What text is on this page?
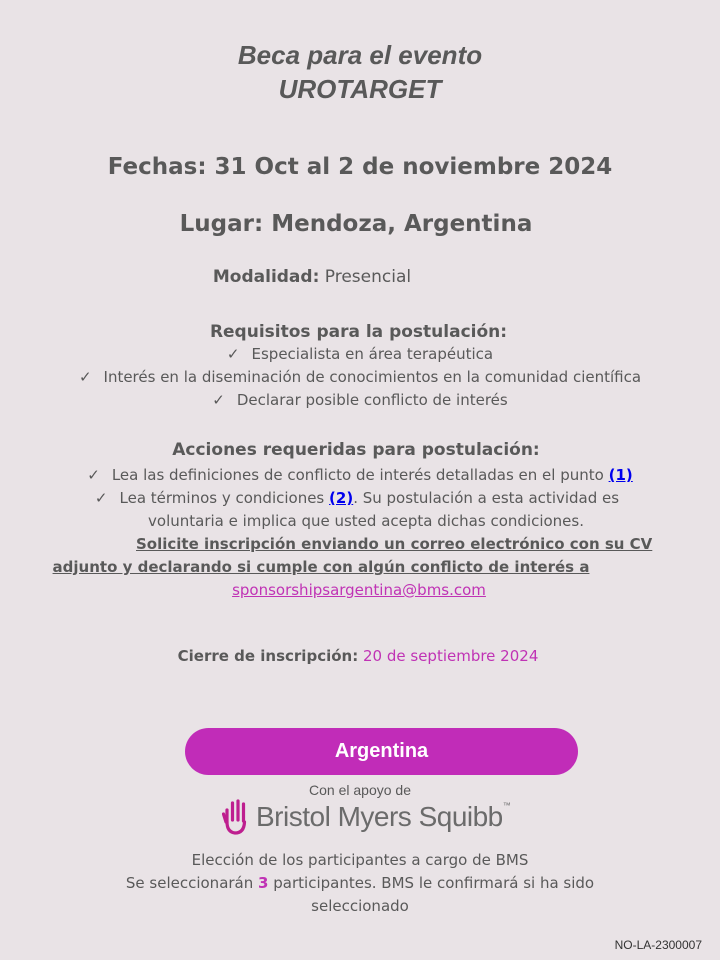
Beca para el evento
UROTARGET
Fechas: 31 Oct al 2 de noviembre 2024
Lugar: Mendoza, Argentina
Modalidad: Presencial
Requisitos para la postulación:
✓ Especialista en área terapéutica
✓ Interés en la diseminación de conocimientos en la comunidad científica
✓ Declarar posible conflicto de interés
Acciones requeridas para postulación:
✓ Lea las definiciones de conflicto de interés detalladas en el punto (1)
✓ Lea términos y condiciones (2). Su postulación a esta actividad es
voluntaria e implica que usted acepta dichas condiciones.
Solicite inscripción enviando un correo electrónico con su CV
adjunto y declarando si cumple con algún conflicto de interés a
sponsorshipsargentina@bms.com
Cierre de inscripción: 20 de septiembre 2024
Argentina
Con el apoyo de
Bristol Myers Squibb™
Elección de los participantes a cargo de BMS
Se seleccionarán 3 participantes. BMS le confirmará si ha sido
seleccionado
NO-LA-2300007
